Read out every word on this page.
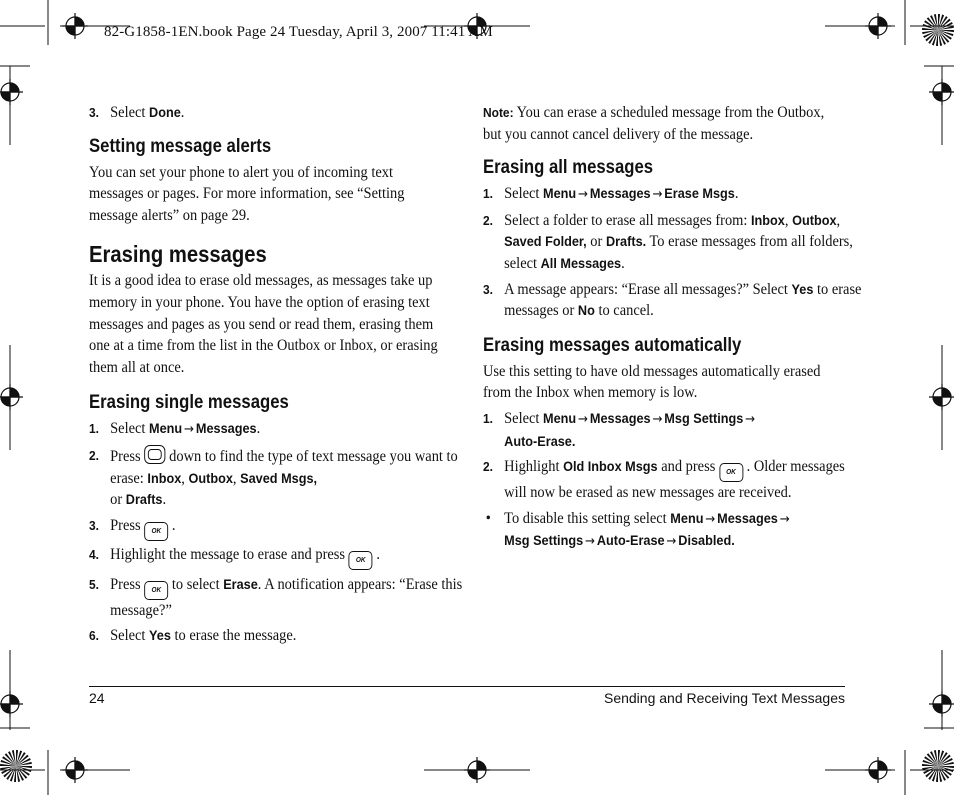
82-G1858-1EN.book Page 24 Tuesday, April 3, 2007 11:41 AM
3. Select Done.
Setting message alerts

You can set your phone to alert you of incoming text messages or pages. For more information, see “Setting message alerts” on page 29.

Erasing messages

It is a good idea to erase old messages, as messages take up memory in your phone. You have the option of erasing text messages and pages as you send or read them, erasing them one at a time from the list in the Outbox or Inbox, or erasing them all at once.

Erasing single messages
1. Select Menu → Messages.
2. Press down to find the type of text message you want to erase: Inbox, Outbox, Saved Msgs,
or Drafts.
3. Press OK .
4. Highlight the message to erase and press OK .
5. Press OK to select Erase. A notification appears: “Erase this message?”
6. Select Yes to erase the message.

Note: You can erase a scheduled message from the Outbox, but you cannot cancel delivery of the message.

Erasing all messages
1. Select Menu → Messages → Erase Msgs.
2. Select a folder to erase all messages from: Inbox, Outbox, Saved Folder, or Drafts. To erase messages from all folders, select All Messages.
3. A message appears: “Erase all messages?” Select Yes to erase messages or No to cancel.
Erasing messages automatically

Use this setting to have old messages automatically erased from the Inbox when memory is low.

1. Select Menu → Messages → Msg Settings →
Auto-Erase.
2. Highlight Old Inbox Msgs and press OK . Older messages will now be erased as new messages are received.
• To disable this setting select Menu → Messages →
Msg Settings → Auto-Erase → Disabled.
24	Sending and Receiving Text Messages
